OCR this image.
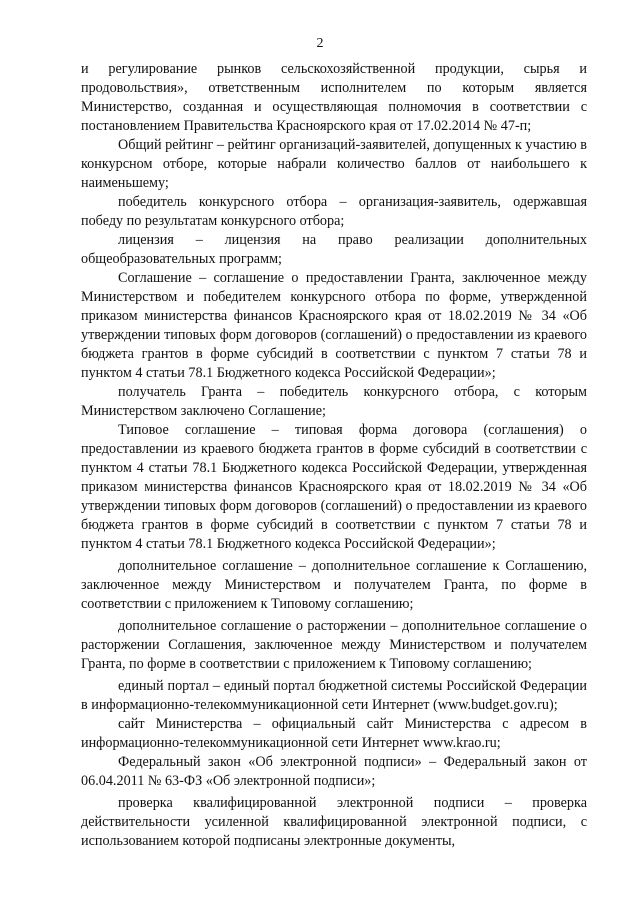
2

и регулирование рынков сельскохозяйственной продукции, сырья и продовольствия», ответственным исполнителем по которым является Министерство, созданная и осуществляющая полномочия в соответствии с постановлением Правительства Красноярского края от 17.02.2014 № 47-п;

Общий рейтинг – рейтинг организаций-заявителей, допущенных к участию в конкурсном отборе, которые набрали количество баллов от наибольшего к наименьшему;

победитель конкурсного отбора – организация-заявитель, одержавшая победу по результатам конкурсного отбора;

лицензия – лицензия на право реализации дополнительных общеобразовательных программ;

Соглашение – соглашение о предоставлении Гранта, заключенное между Министерством и победителем конкурсного отбора по форме, утвержденной приказом министерства финансов Красноярского края от 18.02.2019 № 34 «Об утверждении типовых форм договоров (соглашений) о предоставлении из краевого бюджета грантов в форме субсидий в соответствии с пунктом 7 статьи 78 и пунктом 4 статьи 78.1 Бюджетного кодекса Российской Федерации»;

получатель Гранта – победитель конкурсного отбора, с которым Министерством заключено Соглашение;

Типовое соглашение – типовая форма договора (соглашения) о предоставлении из краевого бюджета грантов в форме субсидий в соответствии с пунктом 4 статьи 78.1 Бюджетного кодекса Российской Федерации, утвержденная приказом министерства финансов Красноярского края от 18.02.2019 № 34 «Об утверждении типовых форм договоров (соглашений) о предоставлении из краевого бюджета грантов в форме субсидий в соответствии с пунктом 7 статьи 78 и пунктом 4 статьи 78.1 Бюджетного кодекса Российской Федерации»;

дополнительное соглашение – дополнительное соглашение к Соглашению, заключенное между Министерством и получателем Гранта, по форме в соответствии с приложением к Типовому соглашению;

дополнительное соглашение о расторжении – дополнительное соглашение о расторжении Соглашения, заключенное между Министерством и получателем Гранта, по форме в соответствии с приложением к Типовому соглашению;

единый портал – единый портал бюджетной системы Российской Федерации в информационно-телекоммуникационной сети Интернет (www.budget.gov.ru);

сайт Министерства – официальный сайт Министерства с адресом в информационно-телекоммуникационной сети Интернет www.krao.ru;

Федеральный закон «Об электронной подписи» – Федеральный закон от 06.04.2011 № 63-ФЗ «Об электронной подписи»;

проверка квалифицированной электронной подписи – проверка действительности усиленной квалифицированной электронной подписи, с использованием которой подписаны электронные документы,
